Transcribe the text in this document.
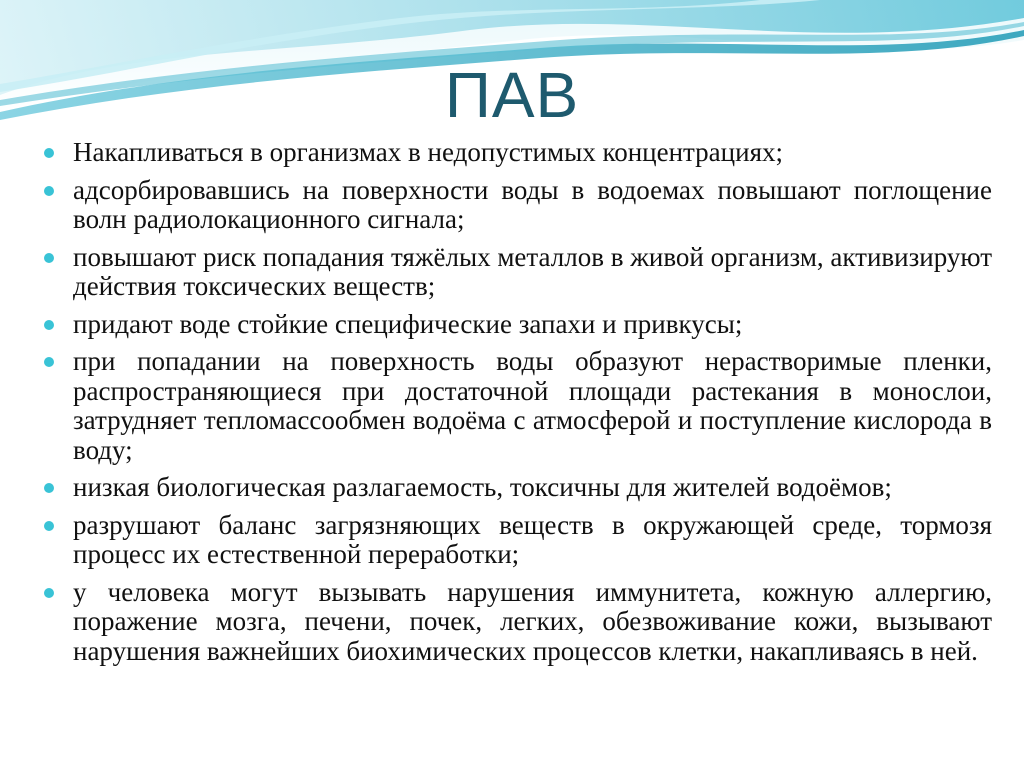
ПАВ
Накапливаться в организмах в недопустимых концентрациях;
адсорбировавшись на поверхности воды в водоемах повышают поглощение волн радиолокационного сигнала;
повышают риск попадания тяжёлых металлов в живой организм, активизируют действия токсических веществ;
придают воде стойкие специфические запахи и привкусы;
при попадании на поверхность воды образуют нерастворимые пленки, распространяющиеся при достаточной площади растекания в монослои, затрудняет тепломассообмен водоёма с атмосферой и поступление кислорода в воду;
низкая биологическая разлагаемость, токсичны для жителей водоёмов;
разрушают баланс загрязняющих веществ в окружающей среде, тормозя процесс их естественной переработки;
у человека могут вызывать нарушения иммунитета, кожную аллергию, поражение мозга, печени, почек, легких, обезвоживание кожи, вызывают нарушения важнейших биохимических процессов клетки, накапливаясь в ней.
